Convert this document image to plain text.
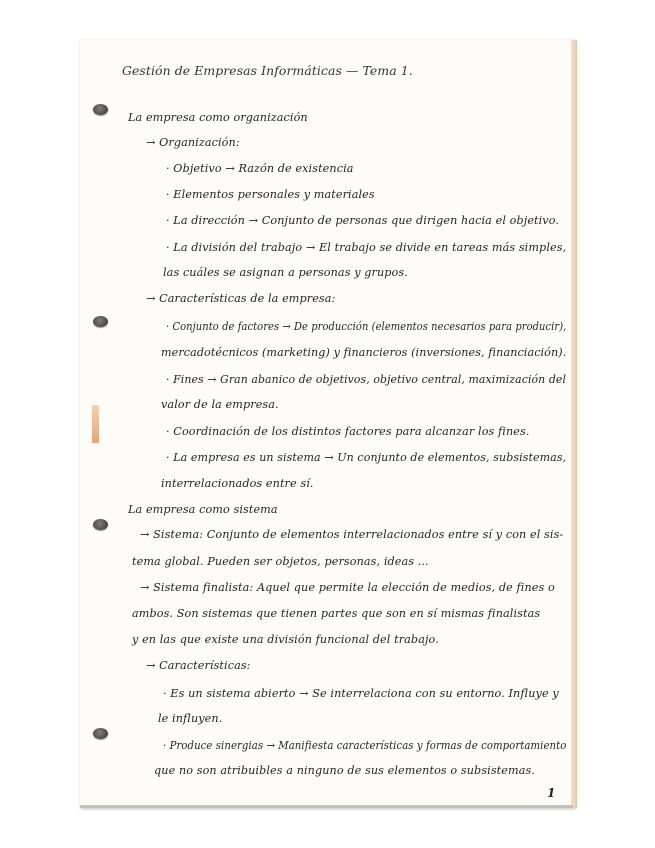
Gestión de Empresas Informáticas — Tema 1.

La empresa como organización

→ Organización:

· Objetivo → Razón de existencia

· Elementos personales y materiales

· La dirección → Conjunto de personas que dirigen hacia el objetivo.

· La división del trabajo → El trabajo se divide en tareas más simples,

las cuáles se asignan a personas y grupos.

→ Características de la empresa:

· Conjunto de factores → De producción (elementos necesarios para producir),

mercadotécnicos (marketing) y financieros (inversiones, financiación).

· Fines → Gran abanico de objetivos, objetivo central, maximización del

valor de la empresa.

· Coordinación de los distintos factores para alcanzar los fines.

· La empresa es un sistema → Un conjunto de elementos, subsistemas,

interrelacionados entre sí.

La empresa como sistema

→ Sistema: Conjunto de elementos interrelacionados entre sí y con el sis-

tema global. Pueden ser objetos, personas, ideas ...

→ Sistema finalista: Aquel que permite la elección de medios, de fines o

ambos. Son sistemas que tienen partes que son en sí mismas finalistas

y en las que existe una división funcional del trabajo.

→ Características:

· Es un sistema abierto → Se interrelaciona con su entorno. Influye y

le influyen.

· Produce sinergias → Manifiesta características y formas de comportamiento

que no son atribuibles a ninguno de sus elementos o subsistemas.

1
